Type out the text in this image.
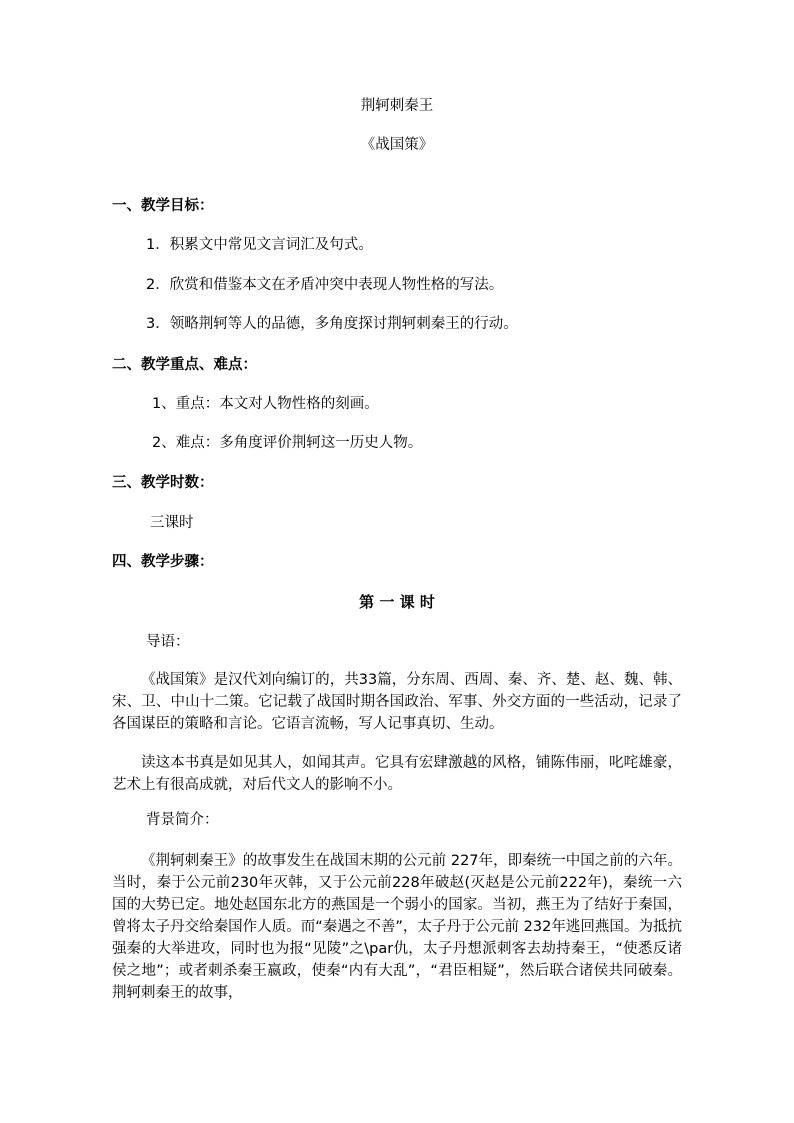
荆轲刺秦王

《战国策》

一、教学目标：

1．积累文中常见文言词汇及句式。

2．欣赏和借鉴本文在矛盾冲突中表现人物性格的写法。

3．领略荆轲等人的品德，多角度探讨荆轲刺秦王的行动。

二、教学重点、难点：

1、重点：本文对人物性格的刻画。

2、难点：多角度评价荆轲这一历史人物。

三、教学时数：

三课时

四、教学步骤：

第 一 课 时

导语：

《战国策》是汉代刘向编订的，共33篇，分东周、西周、秦、齐、楚、赵、魏、韩、宋、卫、中山十二策。它记载了战国时期各国政治、军事、外交方面的一些活动，记录了各国谋臣的策略和言论。它语言流畅，写人记事真切、生动。

读这本书真是如见其人，如闻其声。它具有宏肆激越的风格，铺陈伟丽，叱咤雄豪，艺术上有很高成就，对后代文人的影响不小。

背景简介：

《荆轲刺秦王》的故事发生在战国末期的公元前 227年，即秦统一中国之前的六年。当时，秦于公元前230年灭韩，又于公元前228年破赵(灭赵是公元前222年)，秦统一六国的大势已定。地处赵国东北方的燕国是一个弱小的国家。当初，燕王为了结好于秦国，曾将太子丹交给秦国作人质。而“秦遇之不善”，太子丹于公元前 232年逃回燕国。为抵抗强秦的大举进攻，同时也为报“见陵”之\par仇，太子丹想派刺客去劫持秦王，“使悉反诸侯之地”；或者刺杀秦王嬴政，使秦“内有大乱”，“君臣相疑”，然后联合诸侯共同破秦。荆轲刺秦王的故事，
